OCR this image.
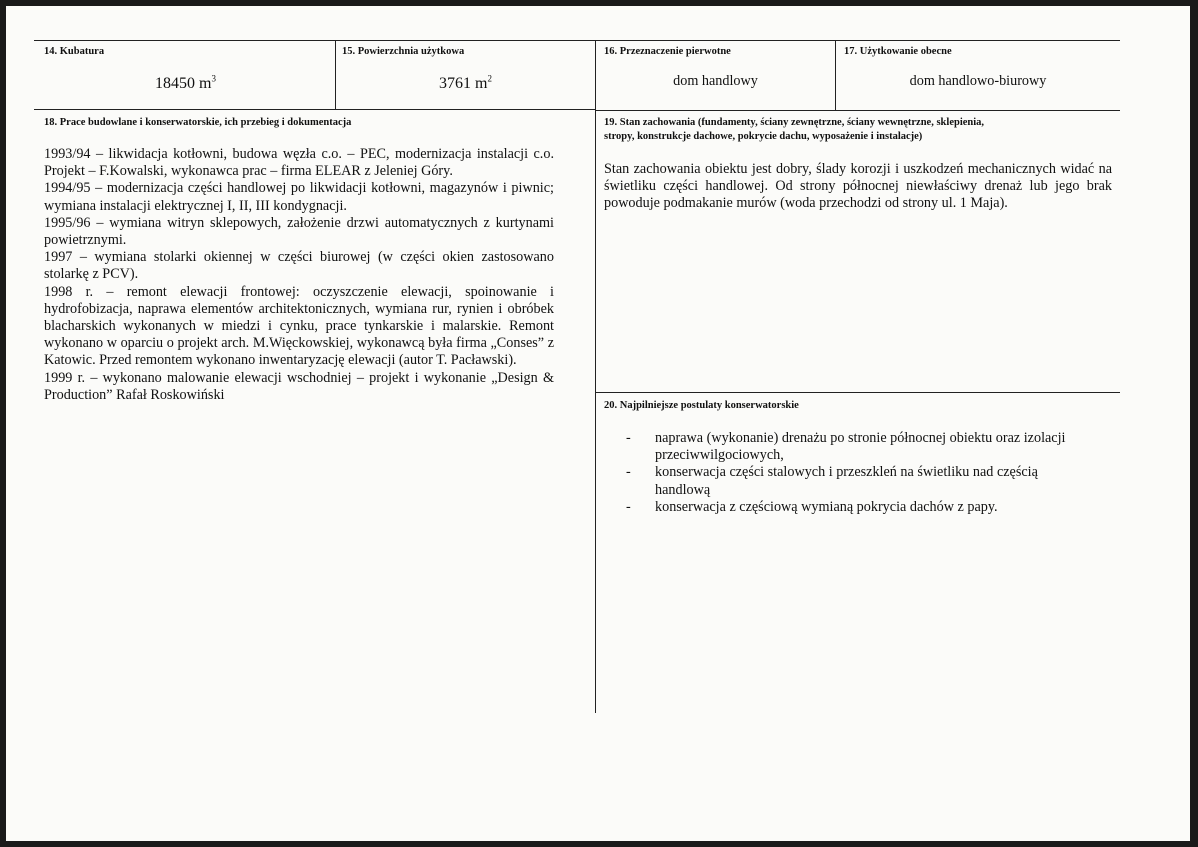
14. Kubatura
18450 $m^3$
15. Powierzchnia użytkowa
3761 $m^2$
16. Przeznaczenie pierwotne
dom handlowy
17. Użytkowanie obecne
dom handlowo-biurowy
18. Prace budowlane i konserwatorskie, ich przebieg i dokumentacja

1993/94 – likwidacja kotłowni, budowa węzła c.o. – PEC, modernizacja instalacji c.o. Projekt – F.Kowalski, wykonawca prac – firma ELEAR z Jeleniej Góry.

1994/95 – modernizacja części handlowej po likwidacji kotłowni, magazynów i piwnic; wymiana instalacji elektrycznej I, II, III kondygnacji.

1995/96 – wymiana witryn sklepowych, założenie drzwi automatycznych z kurtynami powietrznymi.

1997 – wymiana stolarki okiennej w części biurowej (w części okien zastosowano stolarkę z PCV).

1998 r. – remont elewacji frontowej: oczyszczenie elewacji, spoinowanie i hydrofobizacja, naprawa elementów architektonicznych, wymiana rur, rynien i obróbek blacharskich wykonanych w miedzi i cynku, prace tynkarskie i malarskie. Remont wykonano w oparciu o projekt arch. M.Więckowskiej, wykonawcą była firma „Conses” z Katowic. Przed remontem wykonano inwentaryzację elewacji (autor T. Pacławski).

1999 r. – wykonano malowanie elewacji wschodniej – projekt i wykonanie „Design & Production” Rafał Roskowiński

19. Stan zachowania (fundamenty, ściany zewnętrzne, ściany wewnętrzne, sklepienia,
stropy, konstrukcje dachowe, pokrycie dachu, wyposażenie i instalacje)
Stan zachowania obiektu jest dobry, ślady korozji i uszkodzeń mechanicznych widać na świetliku części handlowej. Od strony północnej niewłaściwy drenaż lub jego brak powoduje podmakanie murów (woda przechodzi od strony ul. 1 Maja).
20. Najpilniejsze postulaty konserwatorskie
- naprawa (wykonanie) drenażu po stronie północnej obiektu oraz izolacji przeciwwilgociowych,
- konserwacja części stalowych i przeszkleń na świetliku nad częścią handlową
- konserwacja z częściową wymianą pokrycia dachów z papy.
